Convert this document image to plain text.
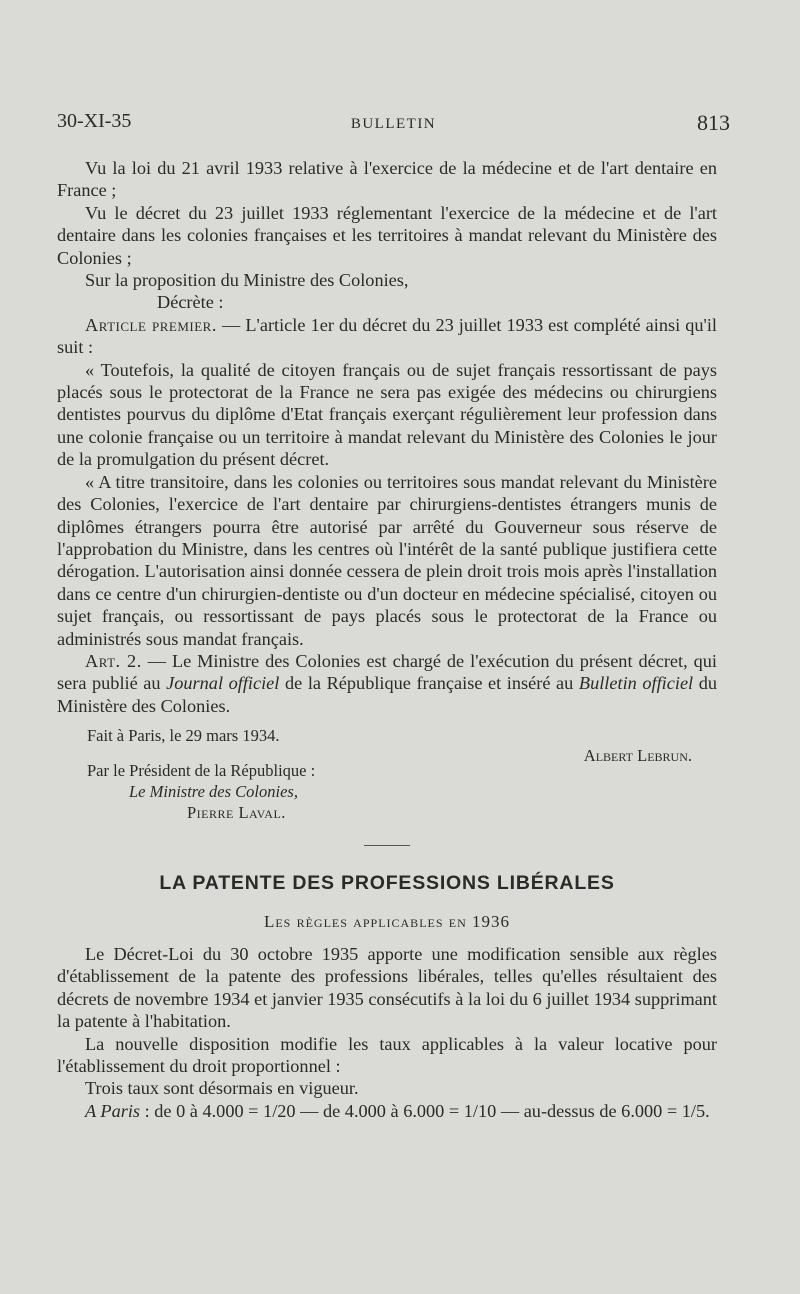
30-XI-35	BULLETIN	813

Vu la loi du 21 avril 1933 relative à l'exercice de la médecine et de l'art dentaire en France ;

Vu le décret du 23 juillet 1933 réglementant l'exercice de la médecine et de l'art dentaire dans les colonies françaises et les territoires à mandat relevant du Ministère des Colonies ;

Sur la proposition du Ministre des Colonies,

Décrète :

Article premier. — L'article 1er du décret du 23 juillet 1933 est complété ainsi qu'il suit :

« Toutefois, la qualité de citoyen français ou de sujet français ressortissant de pays placés sous le protectorat de la France ne sera pas exigée des médecins ou chirurgiens dentistes pourvus du diplôme d'Etat français exerçant régulièrement leur profession dans une colonie française ou un territoire à mandat relevant du Ministère des Colonies le jour de la promulgation du présent décret.

« A titre transitoire, dans les colonies ou territoires sous mandat relevant du Ministère des Colonies, l'exercice de l'art dentaire par chirurgiens-dentistes étrangers munis de diplômes étrangers pourra être autorisé par arrêté du Gouverneur sous réserve de l'approbation du Ministre, dans les centres où l'intérêt de la santé publique justifiera cette dérogation. L'autorisation ainsi donnée cessera de plein droit trois mois après l'installation dans ce centre d'un chirurgien-dentiste ou d'un docteur en médecine spécialisé, citoyen ou sujet français, ou ressortissant de pays placés sous le protectorat de la France ou administrés sous mandat français.

Art. 2. — Le Ministre des Colonies est chargé de l'exécution du présent décret, qui sera publié au Journal officiel de la République française et inséré au Bulletin officiel du Ministère des Colonies.

Fait à Paris, le 29 mars 1934.
Albert Lebrun.
Par le Président de la République :
Le Ministre des Colonies,
Pierre Laval.
LA PATENTE DES PROFESSIONS LIBÉRALES
Les règles applicables en 1936

Le Décret-Loi du 30 octobre 1935 apporte une modification sensible aux règles d'établissement de la patente des professions libérales, telles qu'elles résultaient des décrets de novembre 1934 et janvier 1935 consécutifs à la loi du 6 juillet 1934 supprimant la patente à l'habitation.

La nouvelle disposition modifie les taux applicables à la valeur locative pour l'établissement du droit proportionnel :

Trois taux sont désormais en vigueur.

A Paris : de 0 à 4.000 = 1/20 — de 4.000 à 6.000 = 1/10 — au-dessus de 6.000 = 1/5.
